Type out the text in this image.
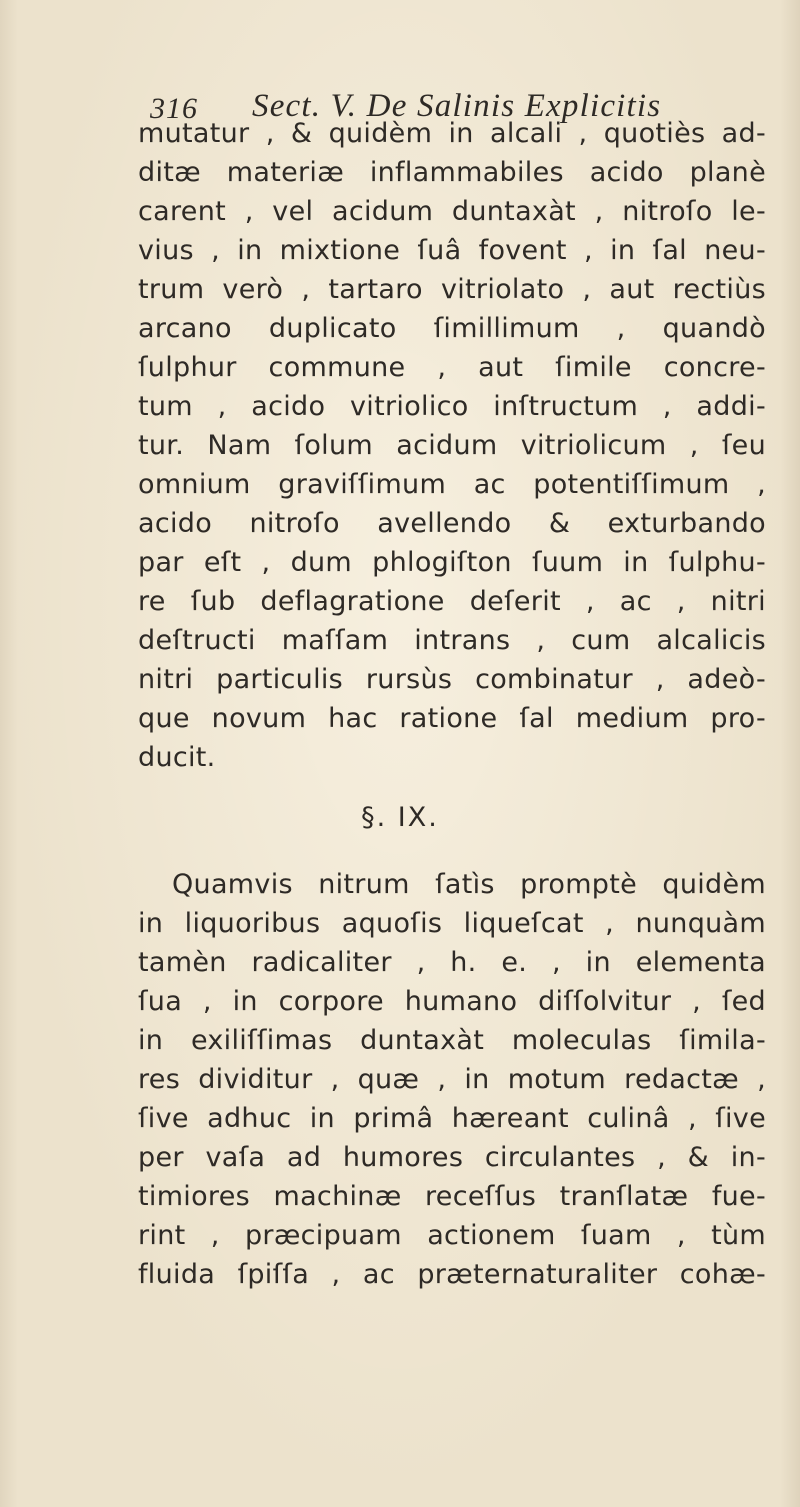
316 Sect. V. De Salinis Explicitis
mutatur , & quidèm in alcali , quotiès ad-
ditæ materiæ inflammabiles acido planè
carent , vel acidum duntaxàt , nitroſo le-
vius , in mixtione ſuâ fovent , in ſal neu-
trum verò , tartaro vitriolato , aut rectiùs
arcano duplicato ſimillimum , quandò
ſulphur commune , aut ſimile concre-
tum , acido vitriolico inſtructum , addi-
tur. Nam ſolum acidum vitriolicum , ſeu
omnium graviſſimum ac potentiſſimum ,
acido nitroſo avellendo & exturbando
par eſt , dum phlogiſton ſuum in ſulphu-
re ſub deflagratione deſerit , ac , nitri
deſtructi maſſam intrans , cum alcalicis
nitri particulis rursùs combinatur , adeò-
que novum hac ratione ſal medium pro-
ducit.
§. IX.
Quamvis nitrum ſatìs promptè quidèm
in liquoribus aquoſis liqueſcat , nunquàm
tamèn radicaliter , h. e. , in elementa
ſua , in corpore humano diſſolvitur , ſed
in exiliſſimas duntaxàt moleculas ſimila-
res dividitur , quæ , in motum redactæ ,
ſive adhuc in primâ hæreant culinâ , ſive
per vaſa ad humores circulantes , & in-
timiores machinæ receſſus tranſlatæ fue-
rint , præcipuam actionem ſuam , tùm
fluida ſpiſſa , ac præternaturaliter cohæ-
